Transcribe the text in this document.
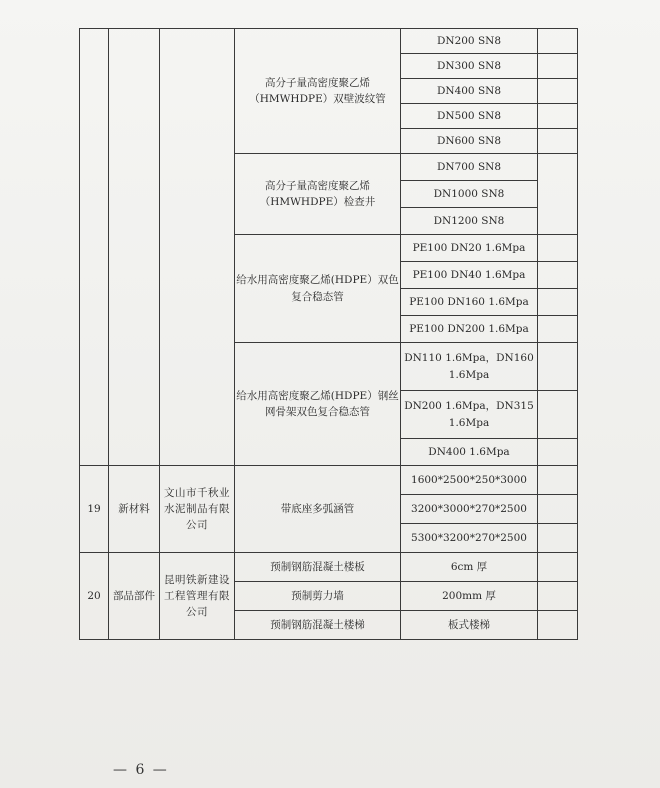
			高分子量高密度聚乙烯（HMWHDPE）双壁波纹管	DN200 SN8	
				DN300 SN8	
				DN400 SN8	
				DN500 SN8	
				DN600 SN8	
			高分子量高密度聚乙烯（HMWHDPE）检查井	DN700 SN8	
				DN1000 SN8	
				DN1200 SN8	
			给水用高密度聚乙烯(HDPE）双色复合稳态管	PE100 DN20 1.6Mpa	
				PE100 DN40 1.6Mpa	
				PE100 DN160 1.6Mpa	
				PE100 DN200 1.6Mpa	
			给水用高密度聚乙烯(HDPE）钢丝网骨架双色复合稳态管	DN110 1.6Mpa，DN160 1.6Mpa	
				DN200 1.6Mpa，DN315 1.6Mpa	
				DN400 1.6Mpa	

19	新材料	文山市千秋业水泥制品有限公司	带底座多弧涵管	1600*2500*250*3000	
				3200*3000*270*2500	
				5300*3200*270*2500	
20	部品部件	昆明铁新建设工程管理有限公司	预制钢筋混凝土楼板	6cm 厚	
			预制剪力墙	200mm 厚	
			预制钢筋混凝土楼梯	板式楼梯	
— 6 —
